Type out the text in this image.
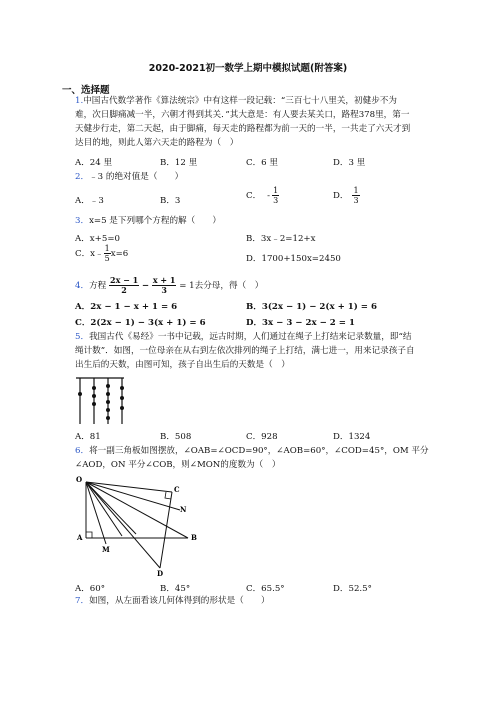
2020-2021初一数学上期中模拟试题(附答案)
一、选择题
1.中国古代数学著作《算法统宗》中有这样一段记载：“三百七十八里关，初健步不为
难，次日脚痛减一半，六朝才得到其关．”其大意是：有人要去某关口，路程378里，第一
天健步行走，第二天起，由于脚痛，每天走的路程都为前一天的一半，一共走了六天才到
达目的地，则此人第六天走的路程为（　）
A．24 里	B．12 里	C．6 里	D．3 里
2．﹣3 的绝对值是（　　）
A．﹣3	B．3	C． - $\frac{1}{3}$	D． $\frac{1}{3}$
3．x=5 是下列哪个方程的解（　　）
A．x+5=0	B．3x﹣2=12+x
C．x﹣ $\frac{1}{5} x=6$	D．1700+150x=2450
4．方程 $\frac{2x - 1}{2} - \frac{x + 1}{3} = 1$去分母，得（　）
A．2x − 1 − x + 1 = 6	B．3(2x − 1) − 2(x + 1) = 6
C．2(2x − 1) − 3(x + 1) = 6	D．3x − 3 − 2x − 2 = 1
5．我国古代《易经》一书中记载，远古时期，人们通过在绳子上打结来记录数量，即“结
绳计数”．如图，一位母亲在从右到左依次排列的绳子上打结，满七进一，用来记录孩子自
出生后的天数，由图可知，孩子自出生后的天数是（　）
A．81	B．508	C．928	D．1324
6．将一副三角板如图摆放，∠OAB=∠OCD=90°，∠AOB=60°，∠COD=45°，OM 平分
∠AOD，ON 平分∠COB，则∠MON的度数为（　）
O
A	B
C
D
M
N
A．60°	B．45°	C．65.5°	D．52.5°
7．如图，从左面看该几何体得到的形状是（　　）
